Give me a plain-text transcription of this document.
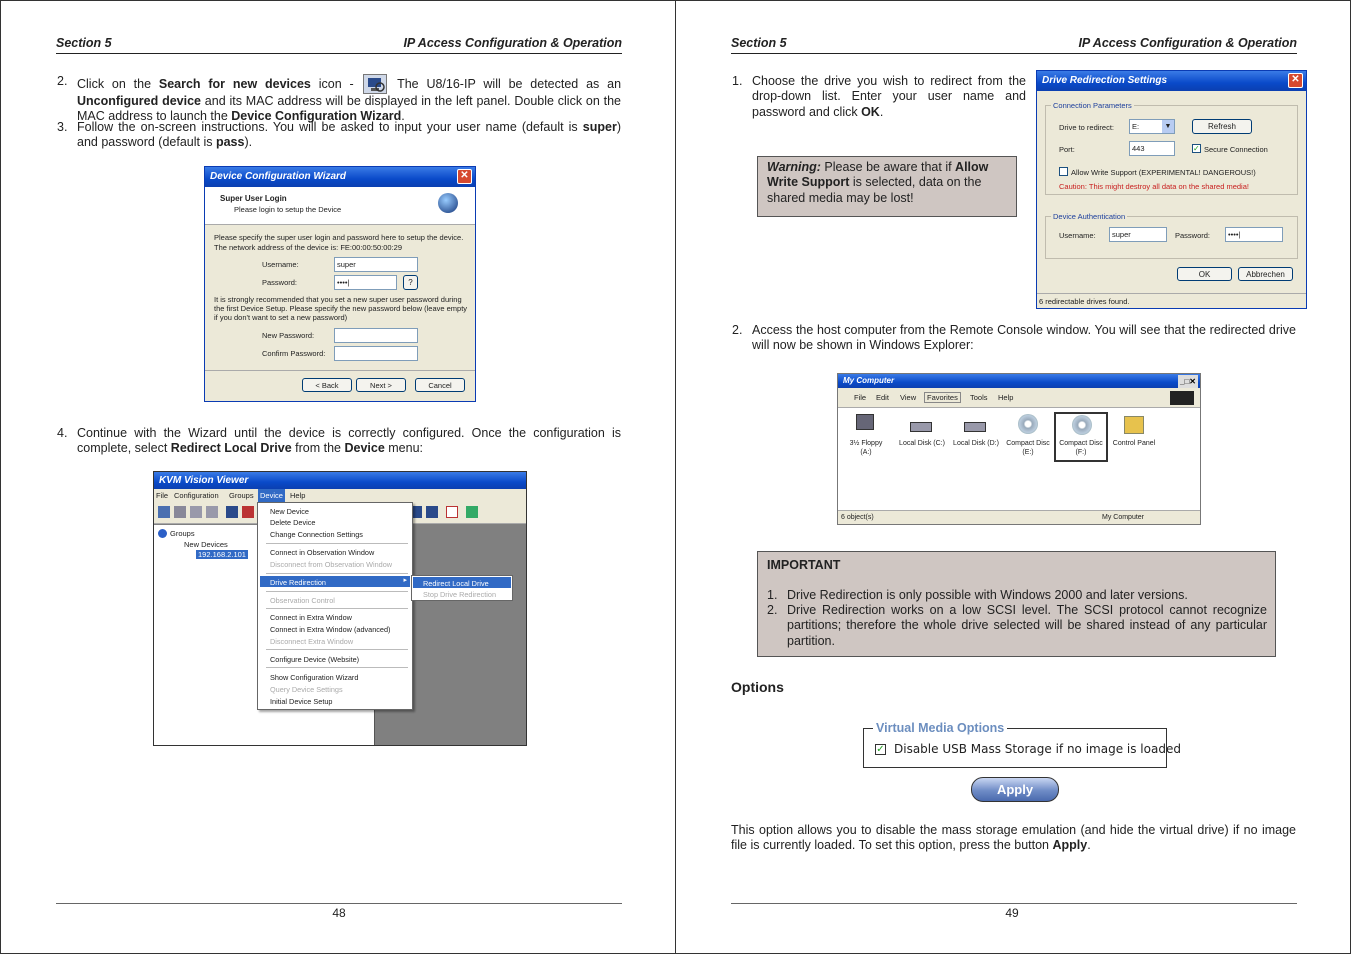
Section 5	IP Access Configuration & Operation
2. Click on the Search for new devices icon -  The U8/16-IP will be detected as an Unconfigured device and its MAC address will be displayed in the left panel. Double click on the MAC address to launch the Device Configuration Wizard.
3. Follow the on-screen instructions. You will be asked to input your user name (default is super) and password (default is pass).
Device Configuration Wizard	✕
Super User Login
Please login to setup the Device
Please specify the super user login and password here to setup the device.
The network address of the device is: FE:00:00:50:00:29
Username:	super
Password:	••••|	?
It is strongly recommended that you set a new super user password during
the first Device Setup. Please specify the new password below (leave empty
if you don't want to set a new password)
New Password:
Confirm Password:
< Back	Next >	Cancel
4. Continue with the Wizard until the device is correctly configured. Once the configuration is complete, select Redirect Local Drive from the Device menu:
KVM Vision Viewer
File Configuration Groups Device Help
Groups
New Devices
192.168.2.101
New Device
Delete Device
Change Connection Settings
Connect in Observation Window
Disconnect from Observation Window
Drive Redirection	▸
Observation Control
Connect in Extra Window
Connect in Extra Window (advanced)
Disconnect Extra Window
Configure Device (Website)
Show Configuration Wizard
Query Device Settings
Initial Device Setup
Redirect Local Drive
Stop Drive Redirection
48
Section 5	IP Access Configuration & Operation
1. Choose the drive you wish to redirect from the drop-down list. Enter your user name and password and click OK.
Warning: Please be aware that if Allow Write Support is selected, data on the shared media may be lost!
Drive Redirection Settings	✕
Connection Parameters
Drive to redirect:	E:	▼	Refresh
Port:	443	✓ Secure Connection
Allow Write Support (EXPERIMENTAL! DANGEROUS!)
Caution: This might destroy all data on the shared media!
Device Authentication
Username:	super	Password:	••••|
OK	Abbrechen
6 redirectable drives found.
2. Access the host computer from the Remote Console window. You will see that the redirected drive will now be shown in Windows Explorer:
My Computer	_□✕
File Edit View	Favorites	Tools Help
3½ Floppy
(A:)
Local Disk (C:)	Local Disk (D:)	Compact Disc
(E:)
Compact Disc
(F:)
Control Panel
6 object(s)	My Computer
IMPORTANT
1. Drive Redirection is only possible with Windows 2000 and later versions.
2. Drive Redirection works on a low SCSI level. The SCSI protocol cannot recognize partitions; therefore the whole drive selected will be shared instead of any particular partition.
Options
Virtual Media Options
✓ Disable USB Mass Storage if no image is loaded
Apply
This option allows you to disable the mass storage emulation (and hide the virtual drive) if no image file is currently loaded. To set this option, press the button Apply.
49
